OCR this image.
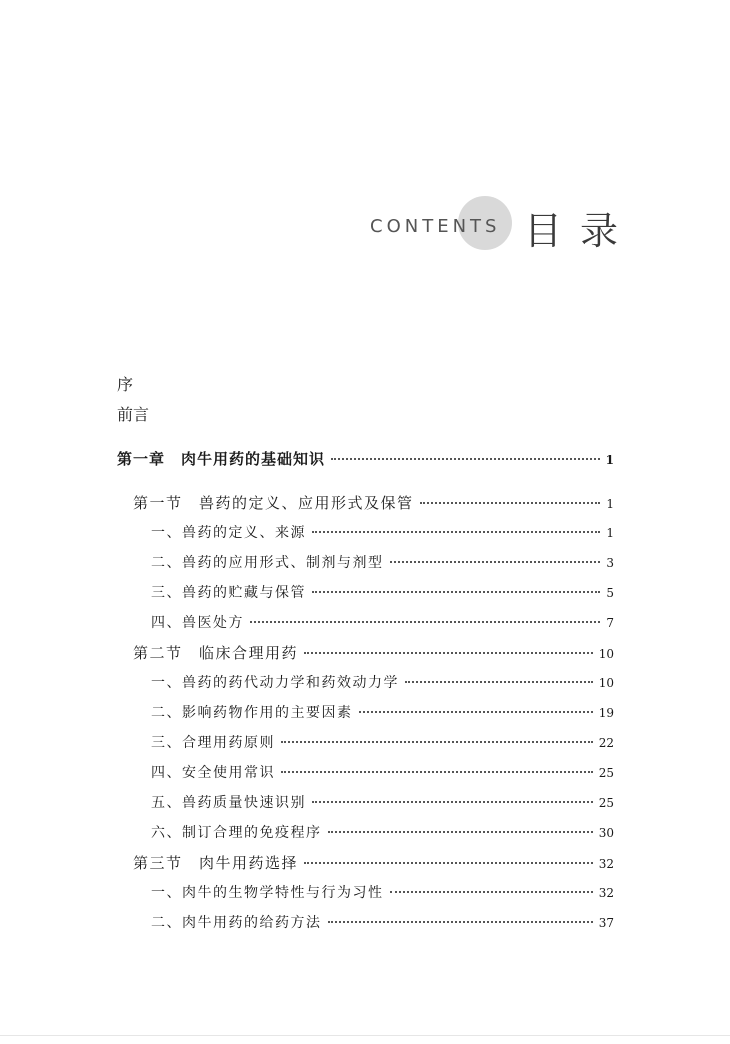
CONTENTS 目录
序
前言
第一章　肉牛用药的基础知识	1
第一节　兽药的定义、应用形式及保管	1
一、兽药的定义、来源	1
二、兽药的应用形式、制剂与剂型	3
三、兽药的贮藏与保管	5
四、兽医处方	7
第二节　临床合理用药	10
一、兽药的药代动力学和药效动力学	10
二、影响药物作用的主要因素	19
三、合理用药原则	22
四、安全使用常识	25
五、兽药质量快速识别	25
六、制订合理的免疫程序	30
第三节　肉牛用药选择	32
一、肉牛的生物学特性与行为习性	32
二、肉牛用药的给药方法	37
